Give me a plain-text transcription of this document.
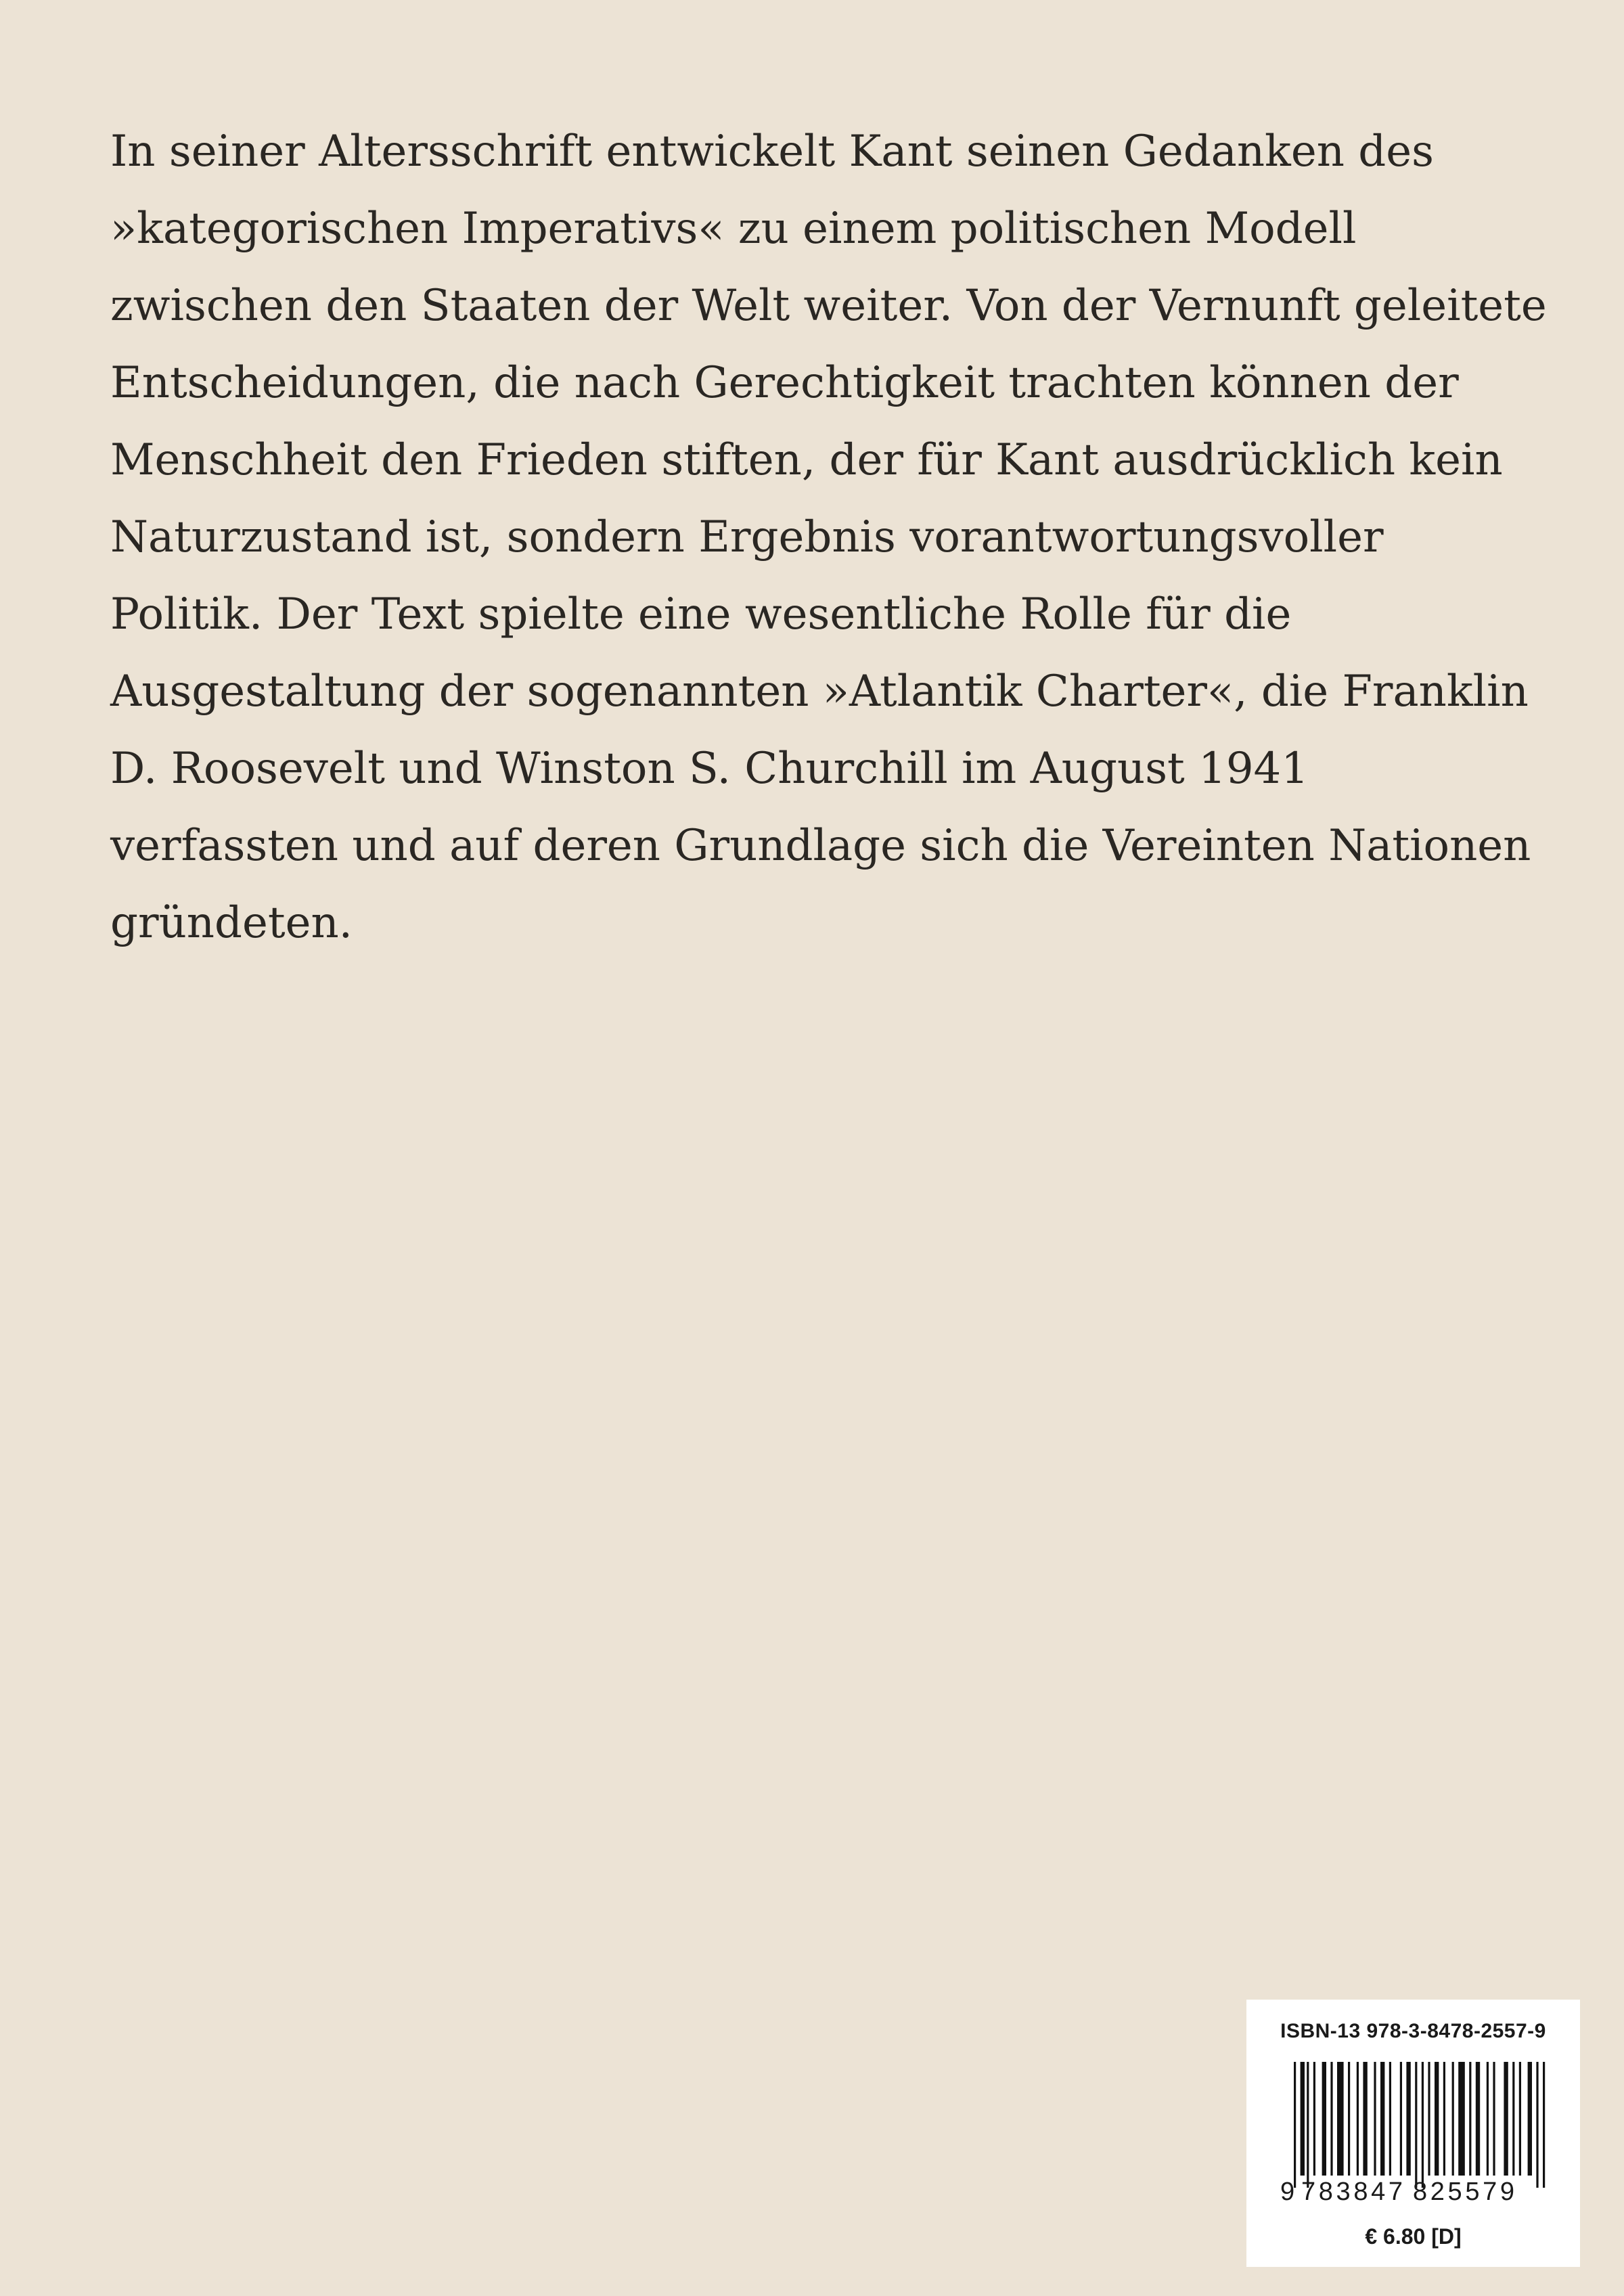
In seiner Altersschrift entwickelt Kant seinen Gedanken des
»kategorischen Imperativs« zu einem politischen Modell
zwischen den Staaten der Welt weiter. Von der Vernunft geleitete
Entscheidungen, die nach Gerechtigkeit trachten können der
Menschheit den Frieden stiften, der für Kant ausdrücklich kein
Naturzustand ist, sondern Ergebnis vorantwortungsvoller
Politik. Der Text spielte eine wesentliche Rolle für die
Ausgestaltung der sogenannten »Atlantik Charter«, die Franklin
D. Roosevelt und Winston S. Churchill im August 1941
verfassten und auf deren Grundlage sich die Vereinten Nationen
gründeten.
ISBN-13 978-3-8478-2557-9
9 783847 825579
€ 6.80 [D]
